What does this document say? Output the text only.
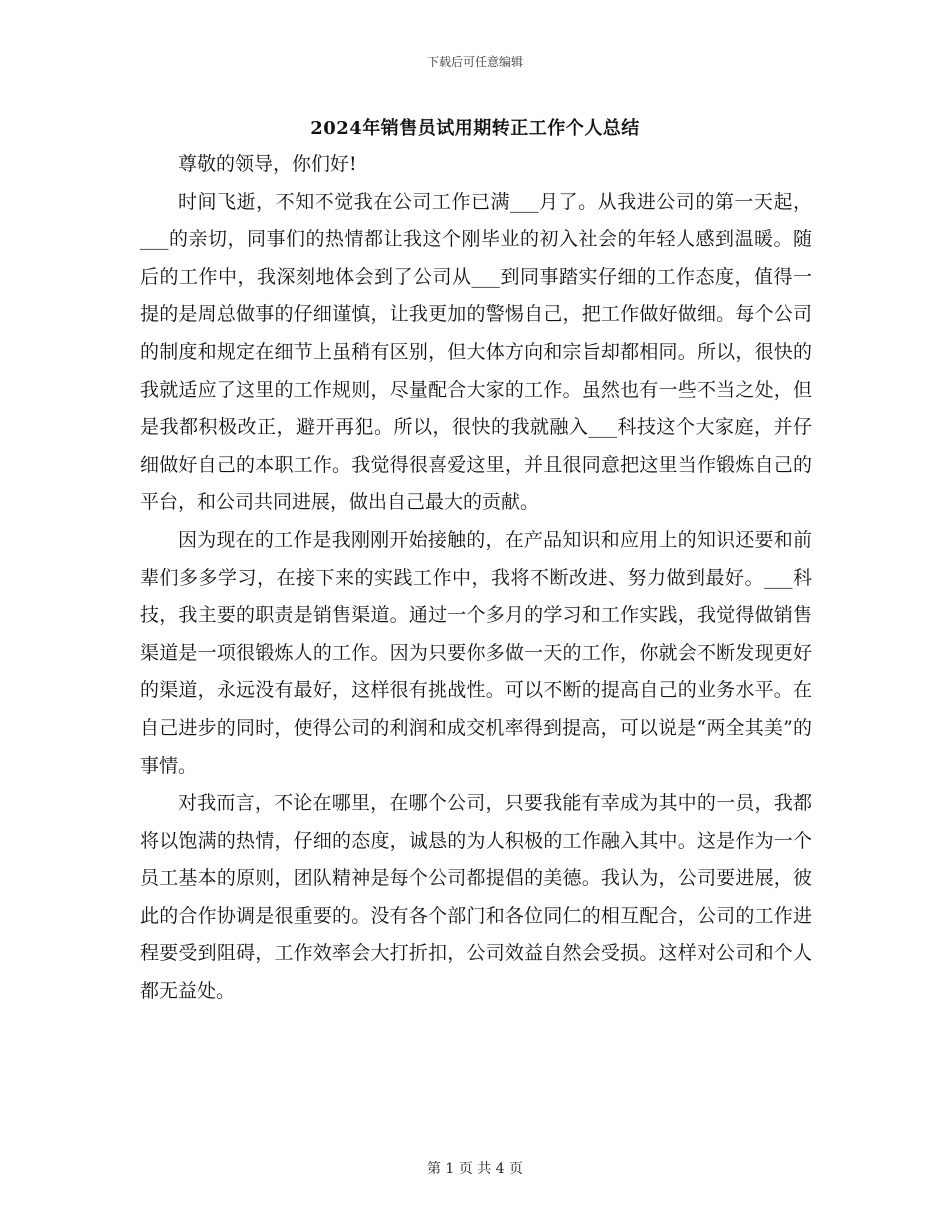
下载后可任意编辑
2024年销售员试用期转正工作个人总结

尊敬的领导，你们好!

时间飞逝，不知不觉我在公司工作已满___月了。从我进公司的第一天起，___的亲切，同事们的热情都让我这个刚毕业的初入社会的年轻人感到温暖。随后的工作中，我深刻地体会到了公司从___到同事踏实仔细的工作态度，值得一提的是周总做事的仔细谨慎，让我更加的警惕自己，把工作做好做细。每个公司的制度和规定在细节上虽稍有区别，但大体方向和宗旨却都相同。所以，很快的我就适应了这里的工作规则，尽量配合大家的工作。虽然也有一些不当之处，但是我都积极改正，避开再犯。所以，很快的我就融入___科技这个大家庭，并仔细做好自己的本职工作。我觉得很喜爱这里，并且很同意把这里当作锻炼自己的平台，和公司共同进展，做出自己最大的贡献。

因为现在的工作是我刚刚开始接触的，在产品知识和应用上的知识还要和前辈们多多学习，在接下来的实践工作中，我将不断改进、努力做到最好。___科技，我主要的职责是销售渠道。通过一个多月的学习和工作实践，我觉得做销售渠道是一项很锻炼人的工作。因为只要你多做一天的工作，你就会不断发现更好的渠道，永远没有最好，这样很有挑战性。可以不断的提高自己的业务水平。在自己进步的同时，使得公司的利润和成交机率得到提高，可以说是“两全其美”的事情。

对我而言，不论在哪里，在哪个公司，只要我能有幸成为其中的一员，我都将以饱满的热情，仔细的态度，诚恳的为人积极的工作融入其中。这是作为一个员工基本的原则，团队精神是每个公司都提倡的美德。我认为，公司要进展，彼此的合作协调是很重要的。没有各个部门和各位同仁的相互配合，公司的工作进程要受到阻碍，工作效率会大打折扣，公司效益自然会受损。这样对公司和个人都无益处。

第 1 页 共 4 页
